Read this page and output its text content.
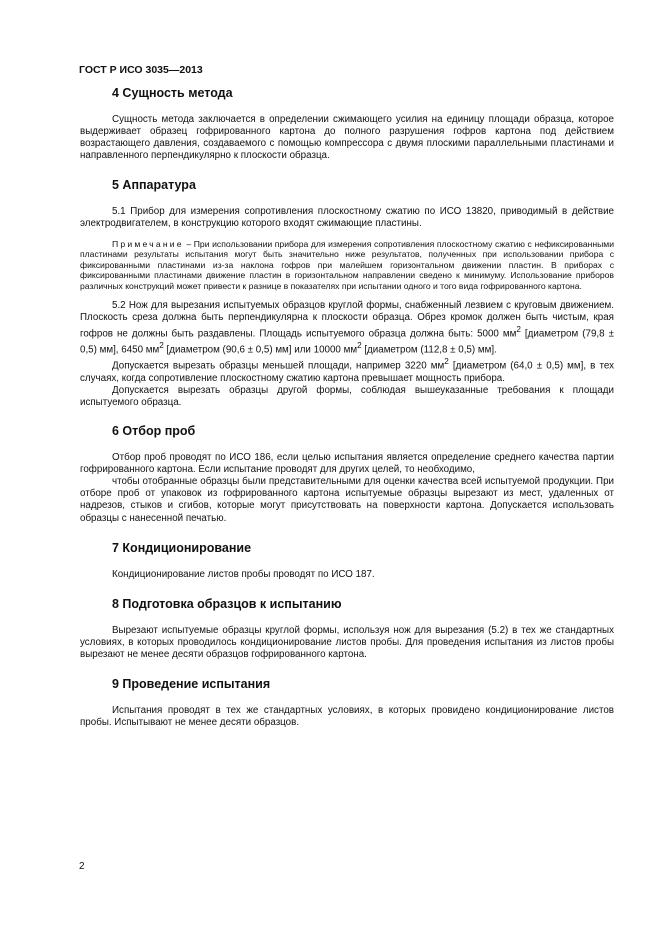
ГОСТ Р ИСО 3035—2013
4 Сущность метода

Сущность метода заключается в определении сжимающего усилия на единицу площади образца, которое выдерживает образец гофрированного картона до полного разрушения гофров картона под действием возрастающего давления, создаваемого с помощью компрессора с двумя плоскими параллельными пластинами и направленного перпендикулярно к плоскости образца.

5 Аппаратура

5.1 Прибор для измерения сопротивления плоскостному сжатию по ИСО 13820, приводимый в действие электродвигателем, в конструкцию которого входят сжимающие пластины.

Примечание – При использовании прибора для измерения сопротивления плоскостному сжатию с нефиксированными пластинами результаты испытания могут быть значительно ниже результатов, полученных при использовании прибора с фиксированными пластинами из-за наклона гофров при малейшем горизонтальном движении пластин. В приборах с фиксированными пластинами движение пластин в горизонтальном направлении сведено к минимуму. Использование приборов различных конструкций может привести к разнице в показателях при испытании одного и того вида гофрированного картона.

5.2 Нож для вырезания испытуемых образцов круглой формы, снабженный лезвием с круговым движением. Плоскость среза должна быть перпендикулярна к плоскости образца. Обрез кромок должен быть чистым, края гофров не должны быть раздавлены. Площадь испытуемого образца должна быть: 5000 $мм^2$ [диаметром (79,8 ± 0,5) мм], 6450 $мм^2$ [диаметром (90,6 ± 0,5) мм] или 10000 $мм^2$ [диаметром (112,8 ± 0,5) мм].

Допускается вырезать образцы меньшей площади, например 3220 $мм^2$ [диаметром (64,0 ± 0,5) мм], в тех случаях, когда сопротивление плоскостному сжатию картона превышает мощность прибора.

Допускается вырезать образцы другой формы, соблюдая вышеуказанные требования к площади испытуемого образца.

6 Отбор проб

Отбор проб проводят по ИСО 186, если целью испытания является определение среднего качества партии гофрированного картона. Если испытание проводят для других целей, то необходимо,

чтобы отобранные образцы были представительными для оценки качества всей испытуемой продукции. При отборе проб от упаковок из гофрированного картона испытуемые образцы вырезают из мест, удаленных от надрезов, стыков и сгибов, которые могут присутствовать на поверхности картона. Допускается использовать образцы с нанесенной печатью.

7 Кондиционирование

Кондиционирование листов пробы проводят по ИСО 187.

8 Подготовка образцов к испытанию

Вырезают испытуемые образцы круглой формы, используя нож для вырезания (5.2) в тех же стандартных условиях, в которых проводилось кондиционирование листов пробы. Для проведения испытания из листов пробы вырезают не менее десяти образцов гофрированного картона.

9 Проведение испытания

Испытания проводят в тех же стандартных условиях, в которых провидено кондиционирование листов пробы. Испытывают не менее десяти образцов.

2
